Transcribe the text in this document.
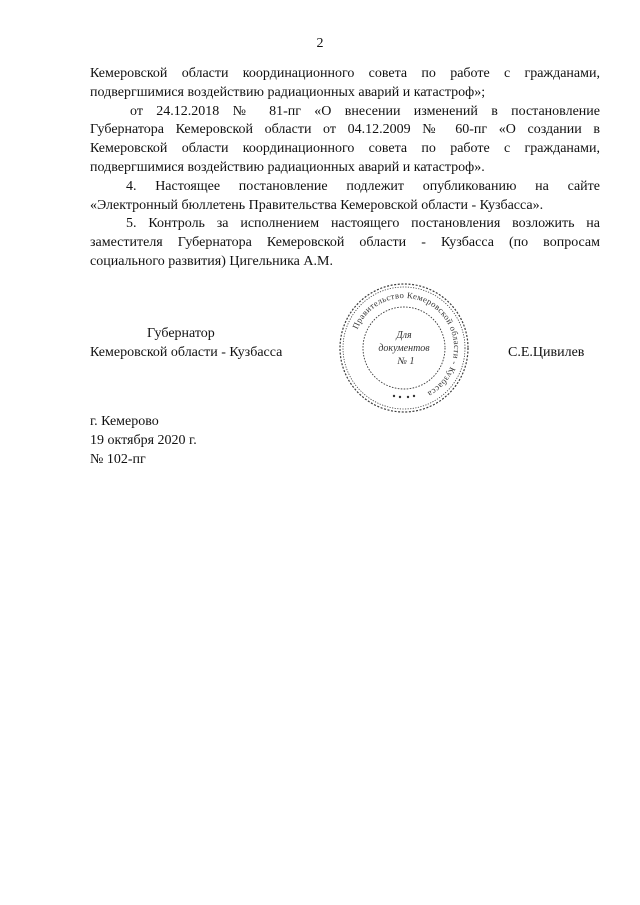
2
Кемеровской области координационного совета по работе с гражданами,
подвергшимися воздействию радиационных аварий и катастроф»;
от 24.12.2018 № 81-пг «О внесении изменений в постановление
Губернатора Кемеровской области от 04.12.2009 № 60-пг «О создании в
Кемеровской области координационного совета по работе с гражданами,
подвергшимися воздействию радиационных аварий и катастроф».
4. Настоящее постановление подлежит опубликованию на сайте
«Электронный бюллетень Правительства Кемеровской области - Кузбасса».
5. Контроль за исполнением настоящего постановления возложить на
заместителя Губернатора Кемеровской области - Кузбасса (по вопросам
социального развития) Цигельника А.М.
Губернатор
Кемеровской области - Кузбасса	С.Е.Цивилев
Правительство Кемеровской области - Кузбасса
Для
документов
№ 1
г. Кемерово
19 октября 2020 г.
№ 102-пг
